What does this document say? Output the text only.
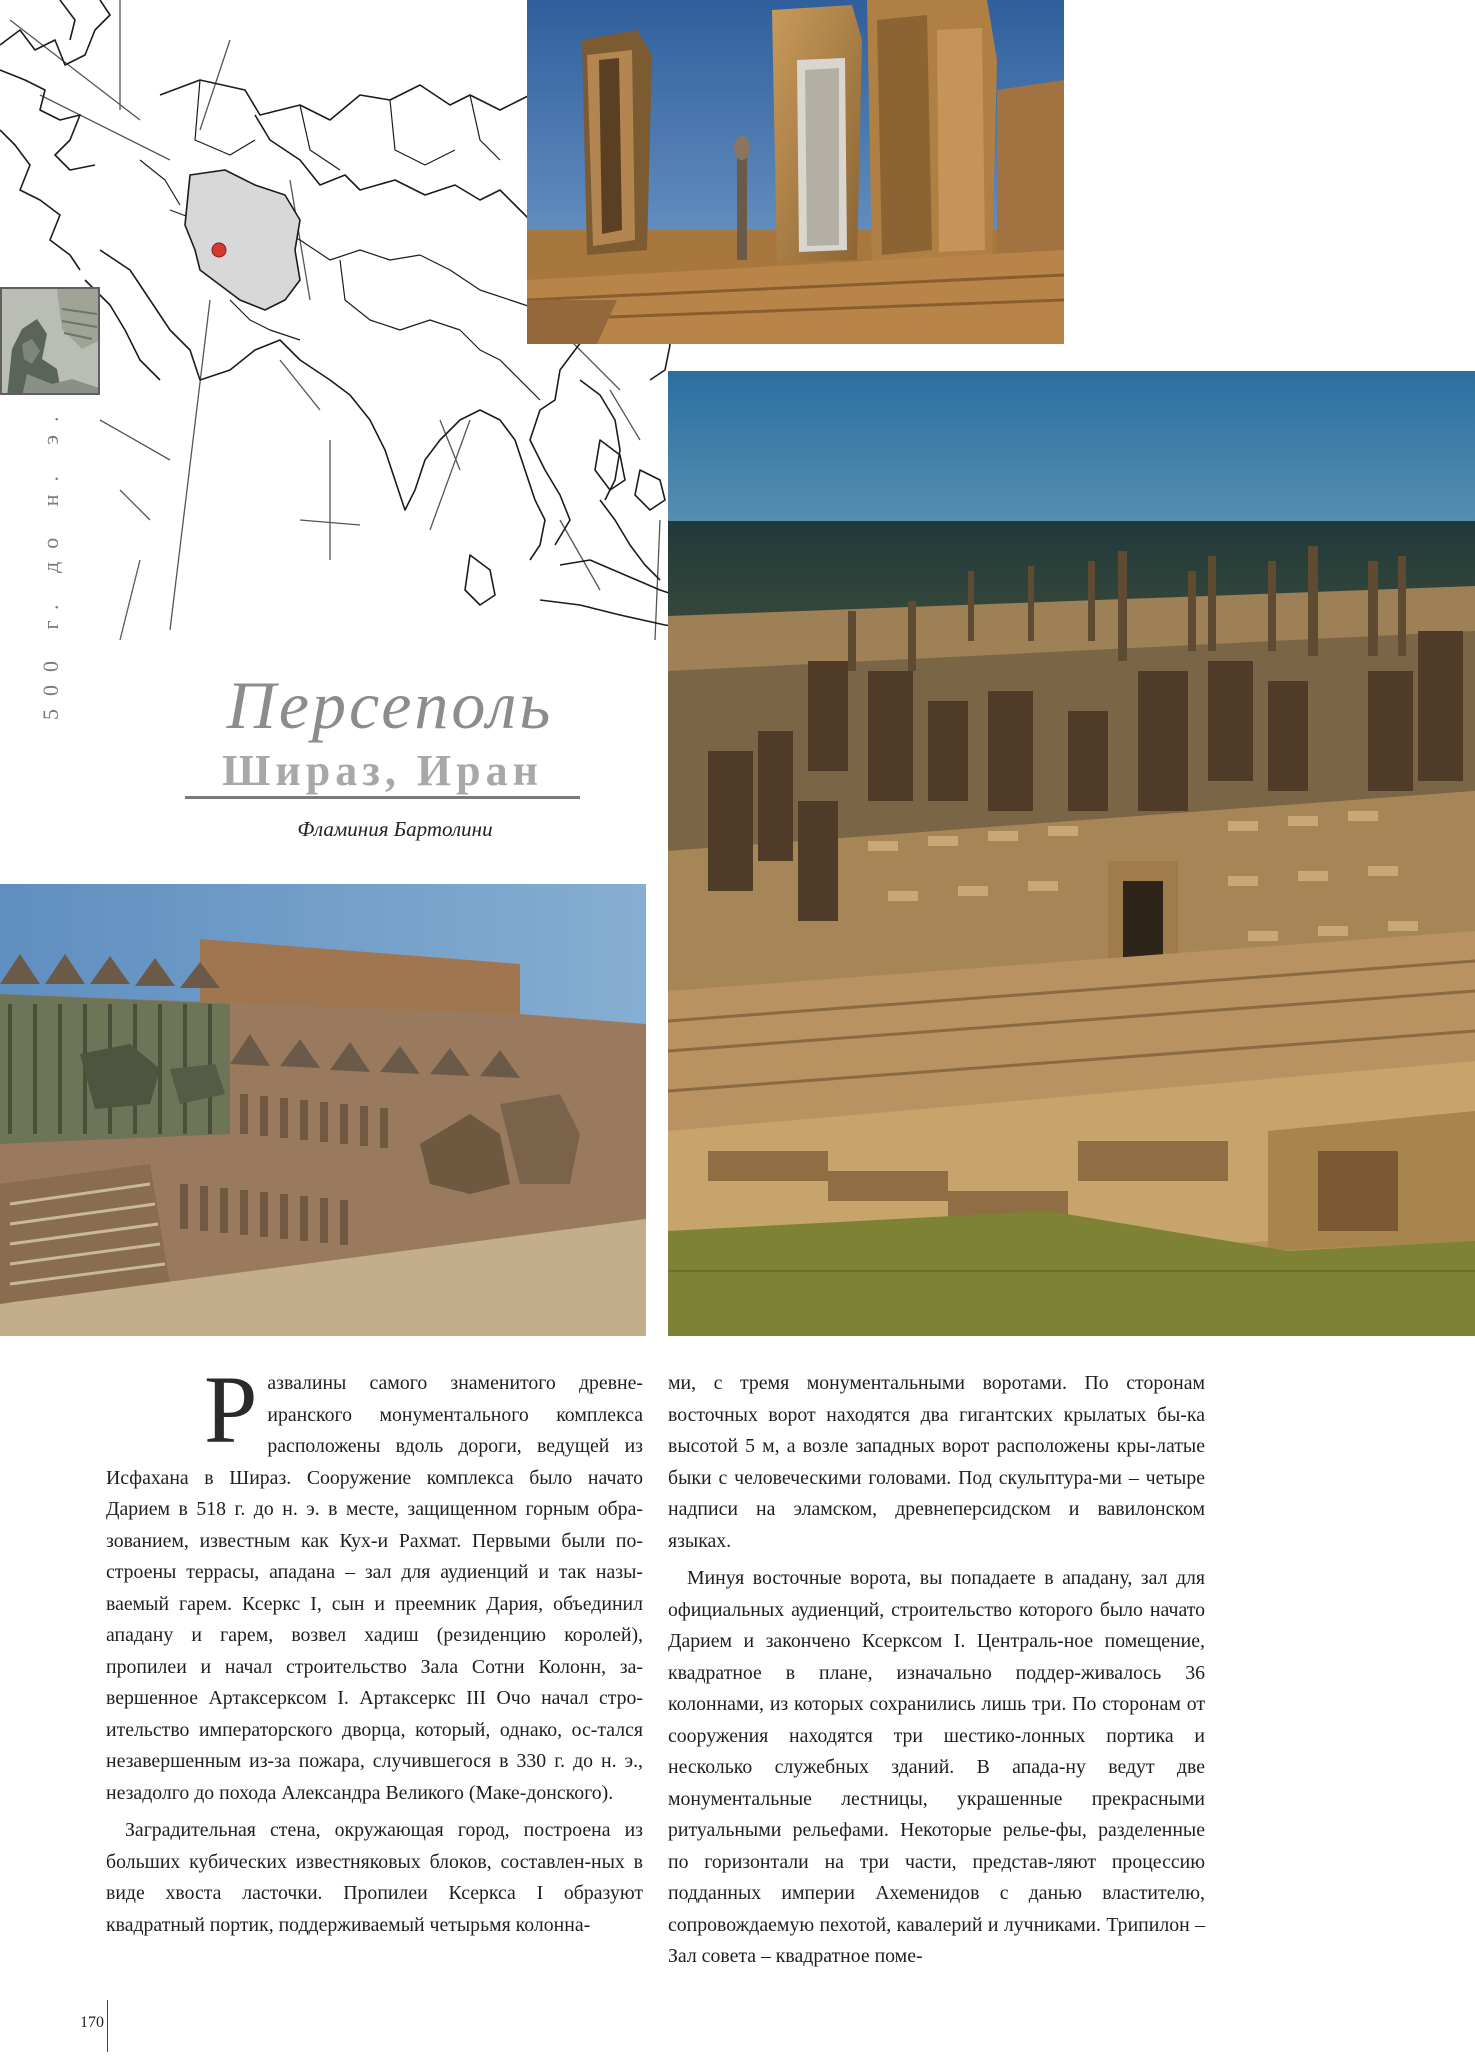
500 г. до н. э.	Персеполь
Шираз, Иран
Фламиния Бартолини

Развалины самого знаменитого древне-иранского монументального комплекса расположены вдоль дороги, ведущей из Исфахана в Шираз. Сооружение комплекса было начато Дарием в 518 г. до н. э. в месте, защищенном горным обра-зованием, известным как Кух-и Рахмат. Первыми были по-строены террасы, ападана – зал для аудиенций и так назы-ваемый гарем. Ксеркс I, сын и преемник Дария, объединил ападану и гарем, возвел хадиш (резиденцию королей), пропилеи и начал строительство Зала Сотни Колонн, за-вершенное Артаксерксом I. Артаксеркс III Очо начал стро-ительство императорского дворца, который, однако, ос-тался незавершенным из-за пожара, случившегося в 330 г. до н. э., незадолго до похода Александра Великого (Маке-донского).

Заградительная стена, окружающая город, построена из больших кубических известняковых блоков, составлен-ных в виде хвоста ласточки. Пропилеи Ксеркса I образуют квадратный портик, поддерживаемый четырьмя колонна-

ми, с тремя монументальными воротами. По сторонам восточных ворот находятся два гигантских крылатых бы-ка высотой 5 м, а возле западных ворот расположены кры-латые быки с человеческими головами. Под скульптура-ми – четыре надписи на эламском, древнеперсидском и вавилонском языках.

Минуя восточные ворота, вы попадаете в ападану, зал для официальных аудиенций, строительство которого было начато Дарием и закончено Ксерксом I. Централь-ное помещение, квадратное в плане, изначально поддер-живалось 36 колоннами, из которых сохранились лишь три. По сторонам от сооружения находятся три шестико-лонных портика и несколько служебных зданий. В апада-ну ведут две монументальные лестницы, украшенные прекрасными ритуальными рельефами. Некоторые релье-фы, разделенные по горизонтали на три части, представ-ляют процессию подданных империи Ахеменидов с данью властителю, сопровождаемую пехотой, кавалерий и лучниками. Трипилон – Зал совета – квадратное поме-

170
